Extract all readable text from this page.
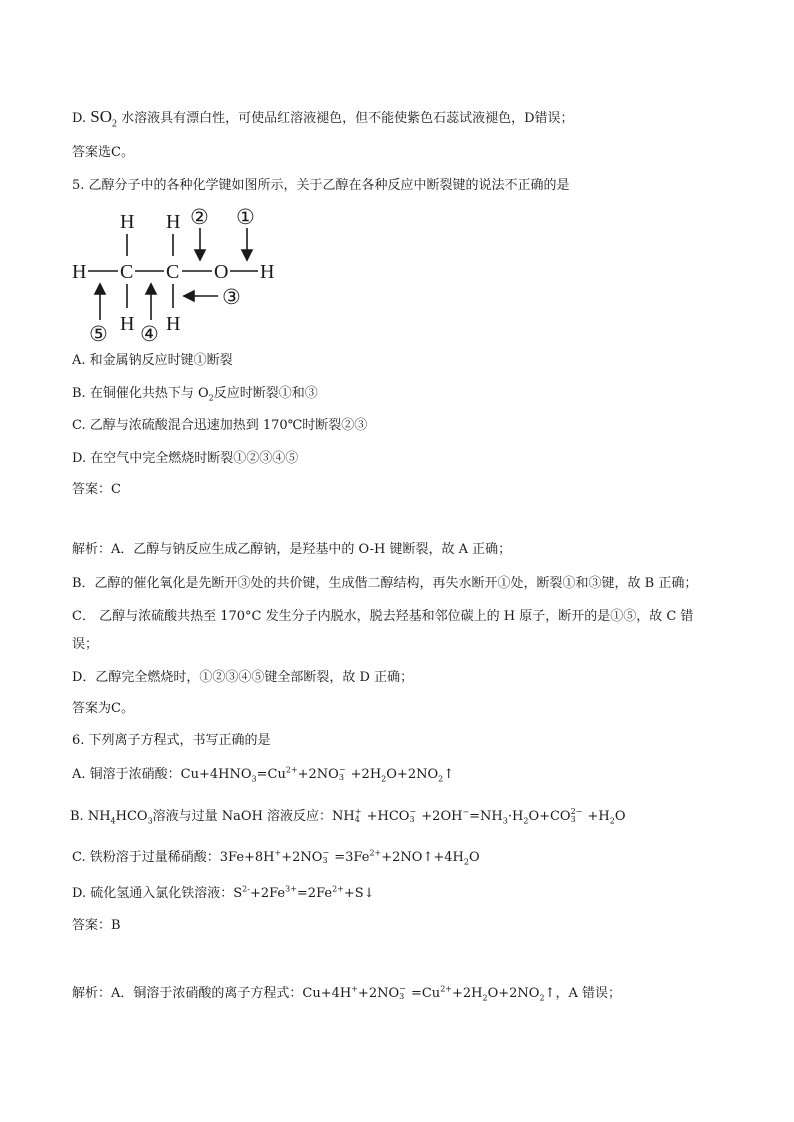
D. $SO_2$ 水溶液具有漂白性，可使品红溶液褪色，但不能使紫色石蕊试液褪色，D错误；
答案选C。
5. 乙醇分子中的各种化学键如图所示，关于乙醇在各种反应中断裂键的说法不正确的是
H C C O H
H H
H H
② ①
③
⑤ ④
A. 和金属钠反应时键①断裂
B. 在铜催化共热下与 $O_2$反应时断裂①和③
C. 乙醇与浓硫酸混合迅速加热到 170℃时断裂②③
D. 在空气中完全燃烧时断裂①②③④⑤
答案：C
解析：A．乙醇与钠反应生成乙醇钠，是羟基中的 O-H 键断裂，故 A 正确；
B．乙醇的催化氧化是先断开③处的共价键，生成偕二醇结构，再失水断开①处，断裂①和③键，故 B 正确；
C． 乙醇与浓硫酸共热至 170°C 发生分子内脱水，脱去羟基和邻位碳上的 H 原子，断开的是①⑤，故 C 错
误；
D．乙醇完全燃烧时，①②③④⑤键全部断裂，故 D 正确；
答案为C。
6. 下列离子方程式，书写正确的是
A. 铜溶于浓硝酸：$Cu+4HNO_3=Cu^{2+}+2NO$ −
$3 +2H_2O+2NO_2↑$
B. $NH_4HCO_3$溶液与过量 NaOH 溶液反应：NH +
4 +HCO −
$3 +2OH^-=NH_3\cdot H_2O+CO$ 2−
$3 +H_2O$
C. 铁粉溶于过量稀硝酸：3Fe+8H++2NO −
$3 =3Fe^{2+}+2NO↑+4H_2O$
D. 硫化氢通入氯化铁溶液：$S^{2-}+2Fe^{3+}=2Fe^{2+}+S↓$
答案：B
解析：A．铜溶于浓硝酸的离子方程式：Cu+4H++2NO −
$3 =Cu^{2+}+2H_2O+2NO_2↑$，A 错误；
